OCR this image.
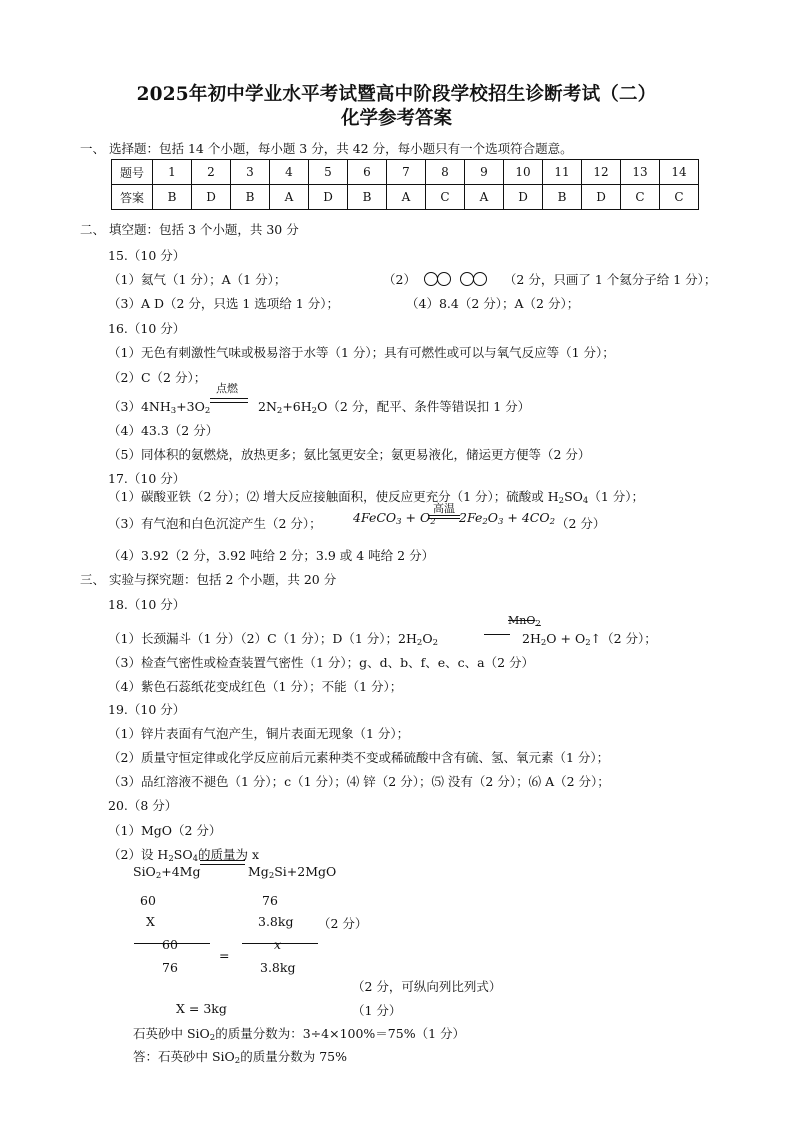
2025年初中学业水平考试暨高中阶段学校招生诊断考试（二）
化学参考答案
一、 选择题：包括 14 个小题，每小题 3 分，共 42 分，每小题只有一个选项符合题意。
题号	1	2	3	4	5	6	7	8	9	10	11	12	13	14
答案	B	D	B	A	D	B	A	C	A	D	B	D	C	C
二、 填空题：包括 3 个小题，共 30 分
15.（10 分）
（1）氦气（1 分）；A（1 分）；	（2）	（2 分，只画了 1 个氦分子给 1 分）；
（3）A D（2 分，只选 1 选项给 1 分）；	（4）8.4（2 分）；A（2 分）；
16.（10 分）
（1）无色有刺激性气味或极易溶于水等（1 分）；具有可燃性或可以与氧气反应等（1 分）；
（2）C（2 分）；
$(3)4NH_3+3O_2$
点燃
$2N_2+6H_2O(2$ 分，配平、条件等错误扣 1 分）
（4）43.3（2 分）
（5）同体积的氨燃烧，放热更多；氨比氢更安全；氨更易液化，储运更方便等（2 分）
17.（10 分）
（1）碳酸亚铁（2 分）；⑵ 增大反应接触面积，使反应更充分（1 分）；硫酸或 $H_2SO_4(1$ 分）；
（3）有气泡和白色沉淀产生（2 分）；	4FeCO$_3$ + $O_2$
高温
$2Fe_2O_3 + 4CO_2$ （2 分）
（4）3.92（2 分，3.92 吨给 2 分；3.9 或 4 吨给 2 分）
三、 实验与探究题：包括 2 个小题，共 20 分
18.（10 分）
（1）长颈漏斗（1 分）（2）C（1 分）；D（1 分）；$2H_2O_2$
MnO$_2$
$2H_2O$ + $O_2↑(2$ 分）；
（3）检查气密性或检查装置气密性（1 分）；g、d、b、f、e、c、a（2 分）
（4）紫色石蕊纸花变成红色（1 分）；不能（1 分）；
19.（10 分）
（1）锌片表面有气泡产生，铜片表面无现象（1 分）；
（2）质量守恒定律或化学反应前后元素种类不变或稀硫酸中含有硫、氢、氧元素（1 分）；
（3）品红溶液不褪色（1 分）；c（1 分）；⑷ 锌（2 分）；⑸ 没有（2 分）；⑹ A（2 分）；
20.（8 分）
（1）MgO（2 分）
（2）设 $H_2SO_4$的质量为 x
SiO$_2$+4Mg	$Mg_2Si+2MgO$
60	76
X	3.8kg （2 分）
60
76
=
x
3.8kg
（2 分，可纵向列比列式）
X = 3kg	（1 分）
石英砂中 SiO$_2$的质量分数为：3÷4×100%＝75%（1 分）
答：石英砂中 SiO$_2$的质量分数为 75%
